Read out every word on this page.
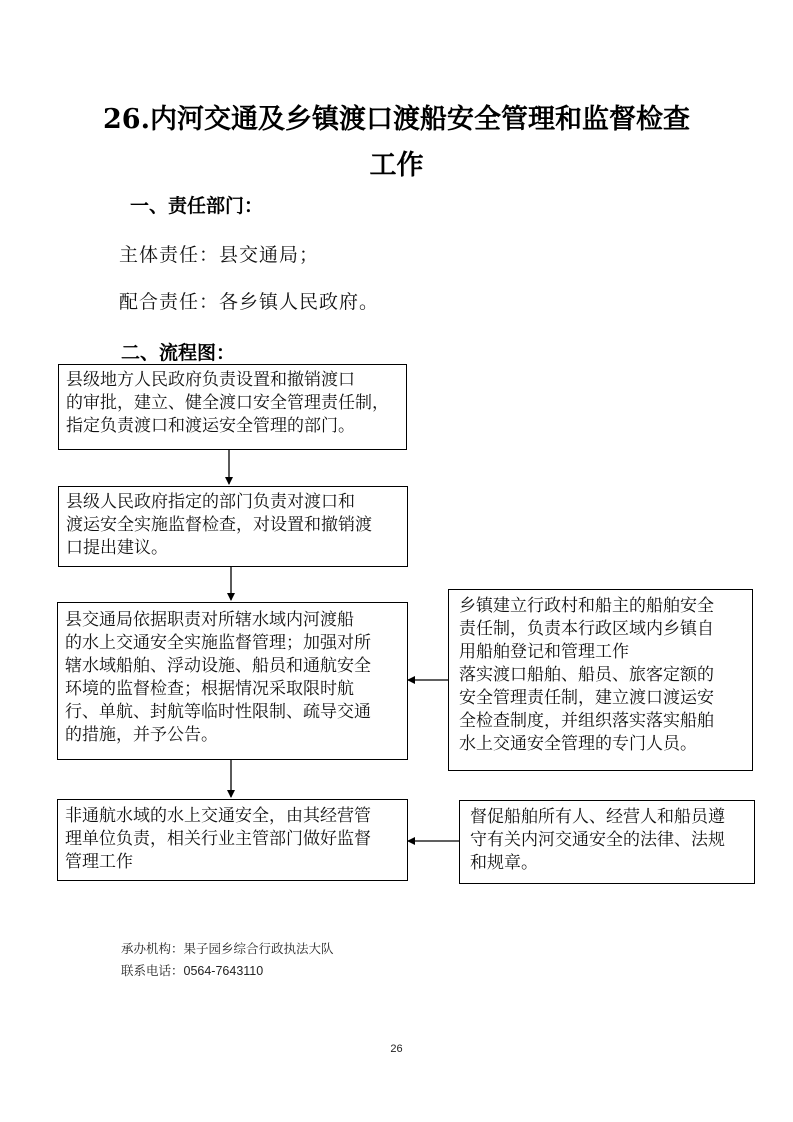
26.内河交通及乡镇渡口渡船安全管理和监督检查
工作
一、责任部门：
主体责任：县交通局；
配合责任：各乡镇人民政府。
二、流程图：
县级地方人民政府负责设置和撤销渡口
的审批，建立、健全渡口安全管理责任制，
指定负责渡口和渡运安全管理的部门。
县级人民政府指定的部门负责对渡口和
渡运安全实施监督检查，对设置和撤销渡
口提出建议。
县交通局依据职责对所辖水域内河渡船
的水上交通安全实施监督管理；加强对所
辖水域船舶、浮动设施、船员和通航安全
环境的监督检查；根据情况采取限时航
行、单航、封航等临时性限制、疏导交通
的措施，并予公告。
非通航水域的水上交通安全，由其经营管
理单位负责，相关行业主管部门做好监督
管理工作
乡镇建立行政村和船主的船舶安全
责任制，负责本行政区域内乡镇自
用船舶登记和管理工作
落实渡口船舶、船员、旅客定额的
安全管理责任制，建立渡口渡运安
全检查制度，并组织落实落实船舶
水上交通安全管理的专门人员。
督促船舶所有人、经营人和船员遵
守有关内河交通安全的法律、法规
和规章。
承办机构：果子园乡综合行政执法大队
联系电话：0564-7643110
26
